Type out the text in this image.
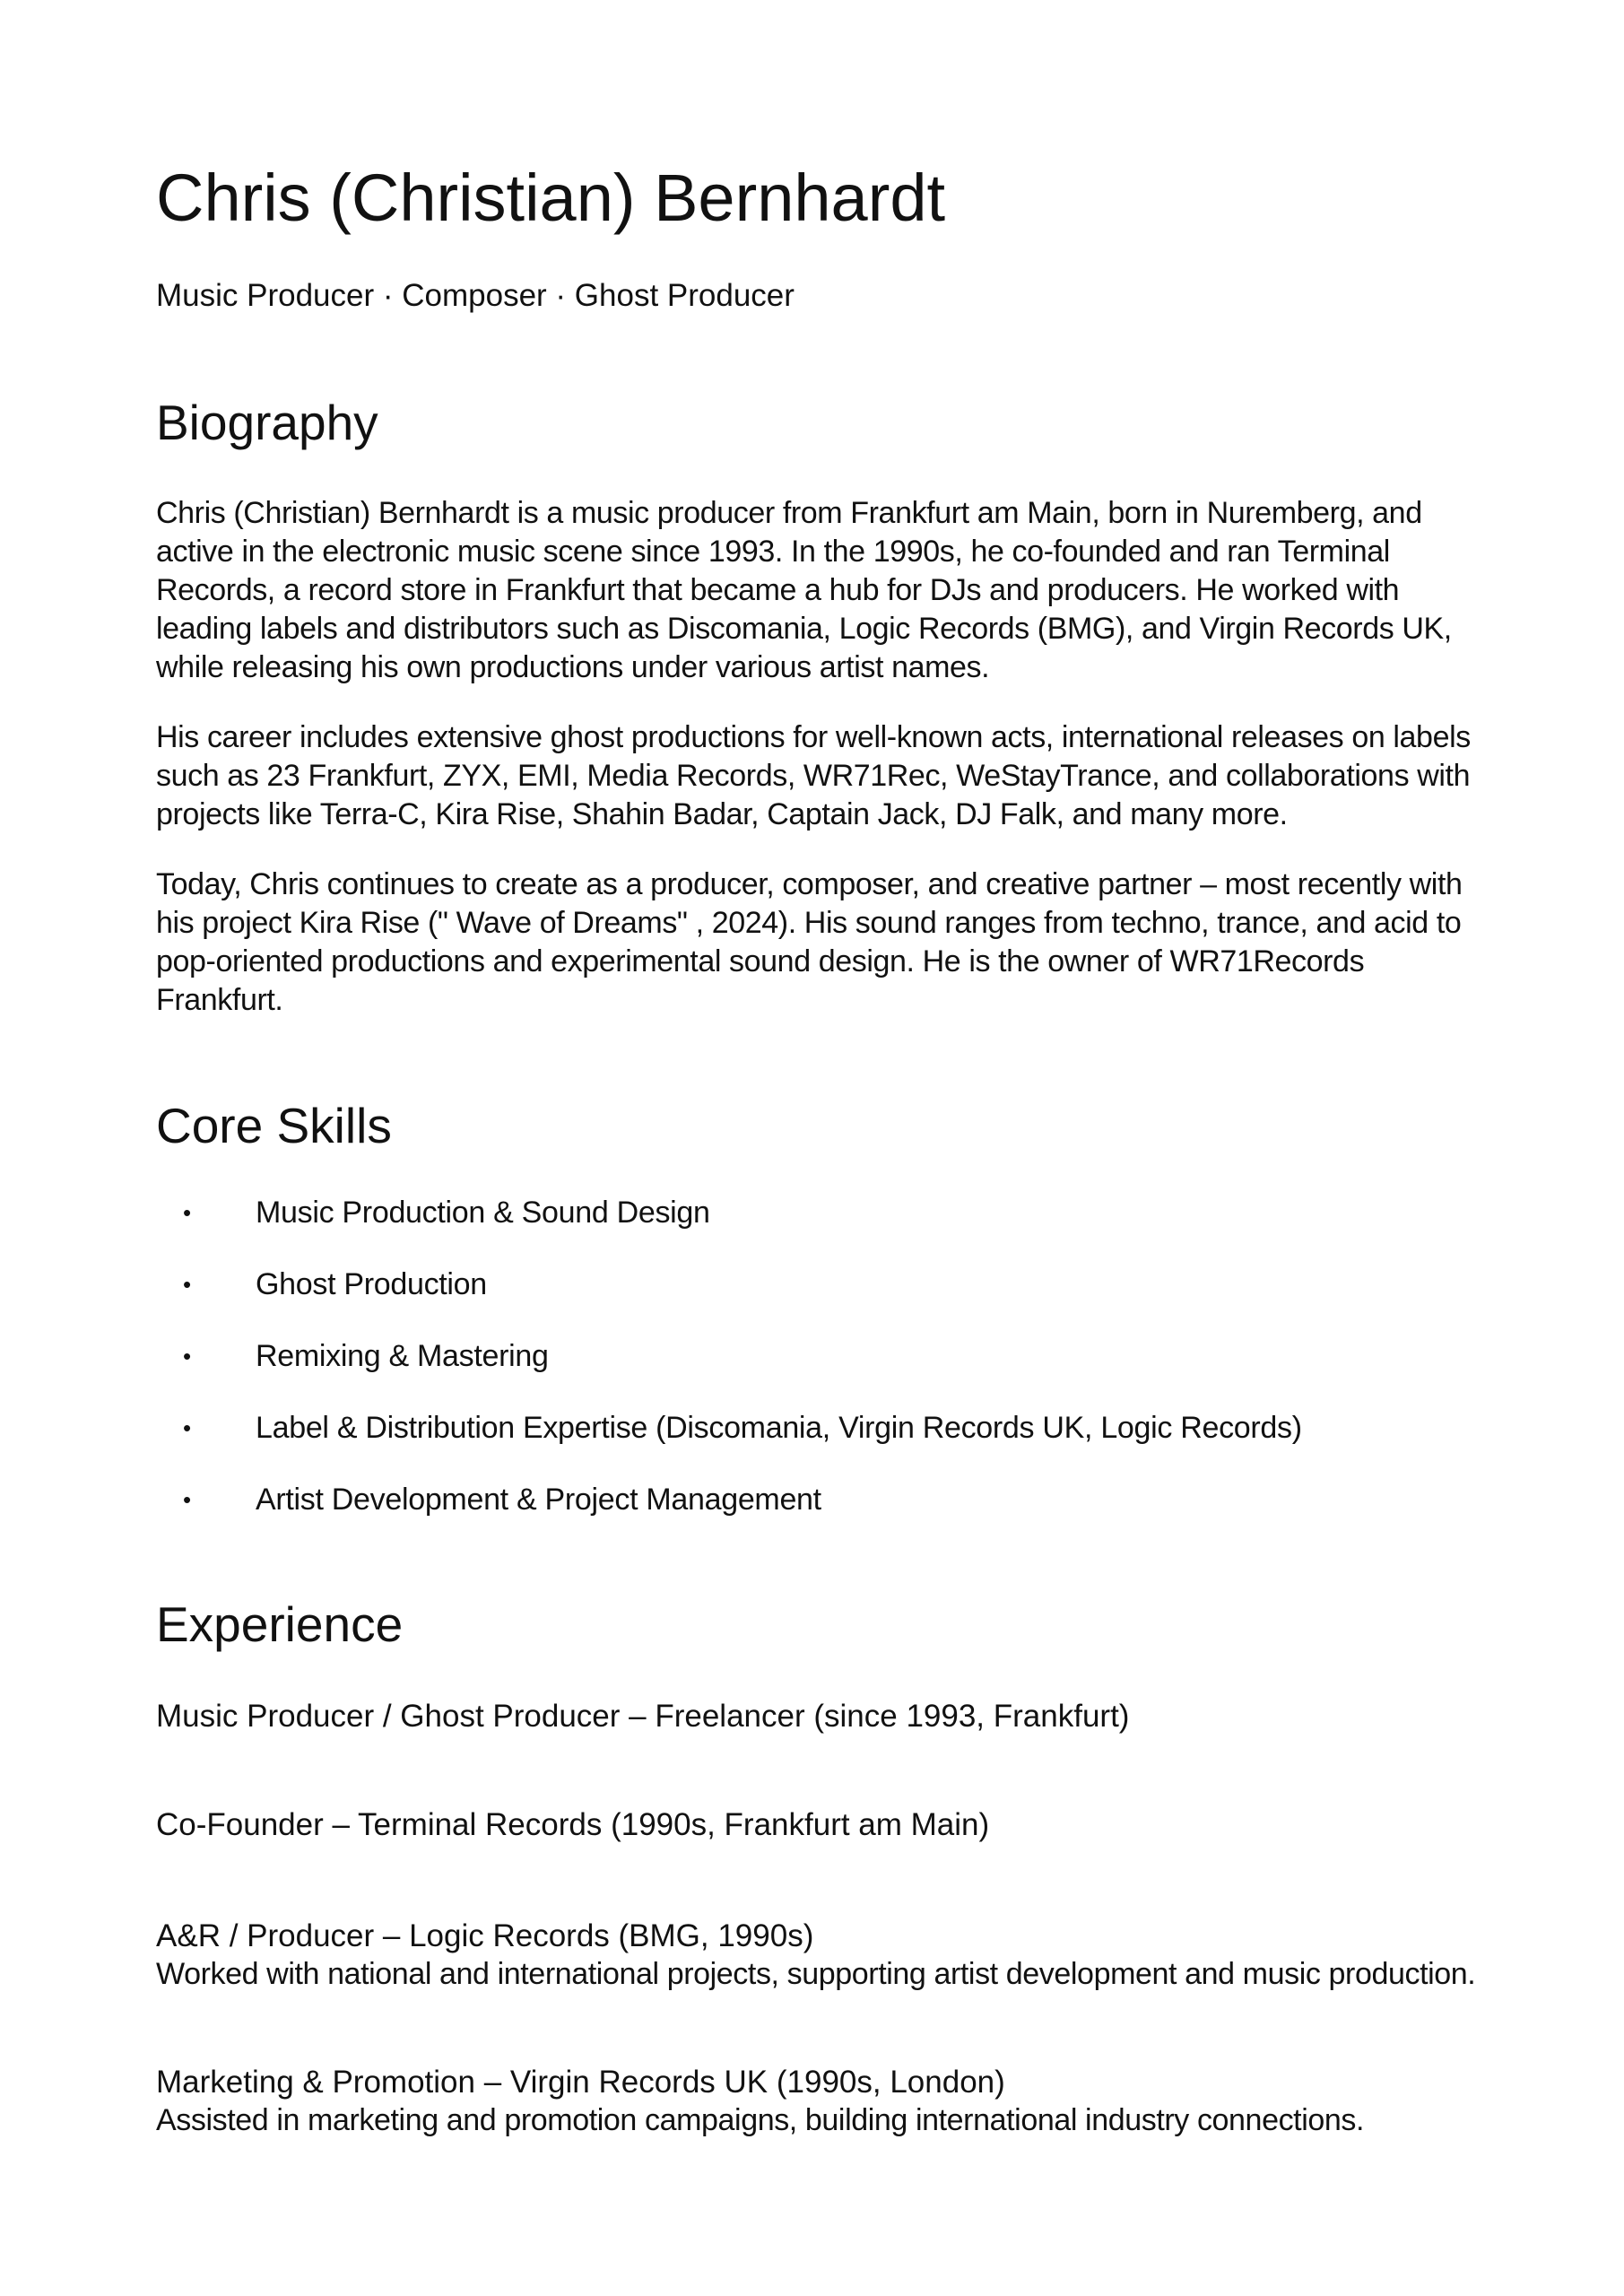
Chris (Christian) Bernhardt

Music Producer · Composer · Ghost Producer

Biography

Chris (Christian) Bernhardt is a music producer from Frankfurt am Main, born in Nuremberg, and active in the electronic music scene since 1993. In the 1990s, he co-founded and ran Terminal Records, a record store in Frankfurt that became a hub for DJs and producers. He worked with leading labels and distributors such as Discomania, Logic Records (BMG), and Virgin Records UK, while releasing his own productions under various artist names.

His career includes extensive ghost productions for well-known acts, international releases on labels such as 23 Frankfurt, ZYX, EMI, Media Records, WR71Rec, WeStayTrance, and collaborations with projects like Terra-C, Kira Rise, Shahin Badar, Captain Jack, DJ Falk, and many more.

Today, Chris continues to create as a producer, composer, and creative partner – most recently with his project Kira Rise (" Wave of Dreams" , 2024). His sound ranges from techno, trance, and acid to pop-oriented productions and experimental sound design. He is the owner of WR71Records Frankfurt.

Core Skills
• Music Production & Sound Design
• Ghost Production
• Remixing & Mastering
• Label & Distribution Expertise (Discomania, Virgin Records UK, Logic Records)
• Artist Development & Project Management
Experience
Music Producer / Ghost Producer – Freelancer (since 1993, Frankfurt)
Co-Founder – Terminal Records (1990s, Frankfurt am Main)
A&R / Producer – Logic Records (BMG, 1990s)
Worked with national and international projects, supporting artist development and music production.
Marketing & Promotion – Virgin Records UK (1990s, London)
Assisted in marketing and promotion campaigns, building international industry connections.
